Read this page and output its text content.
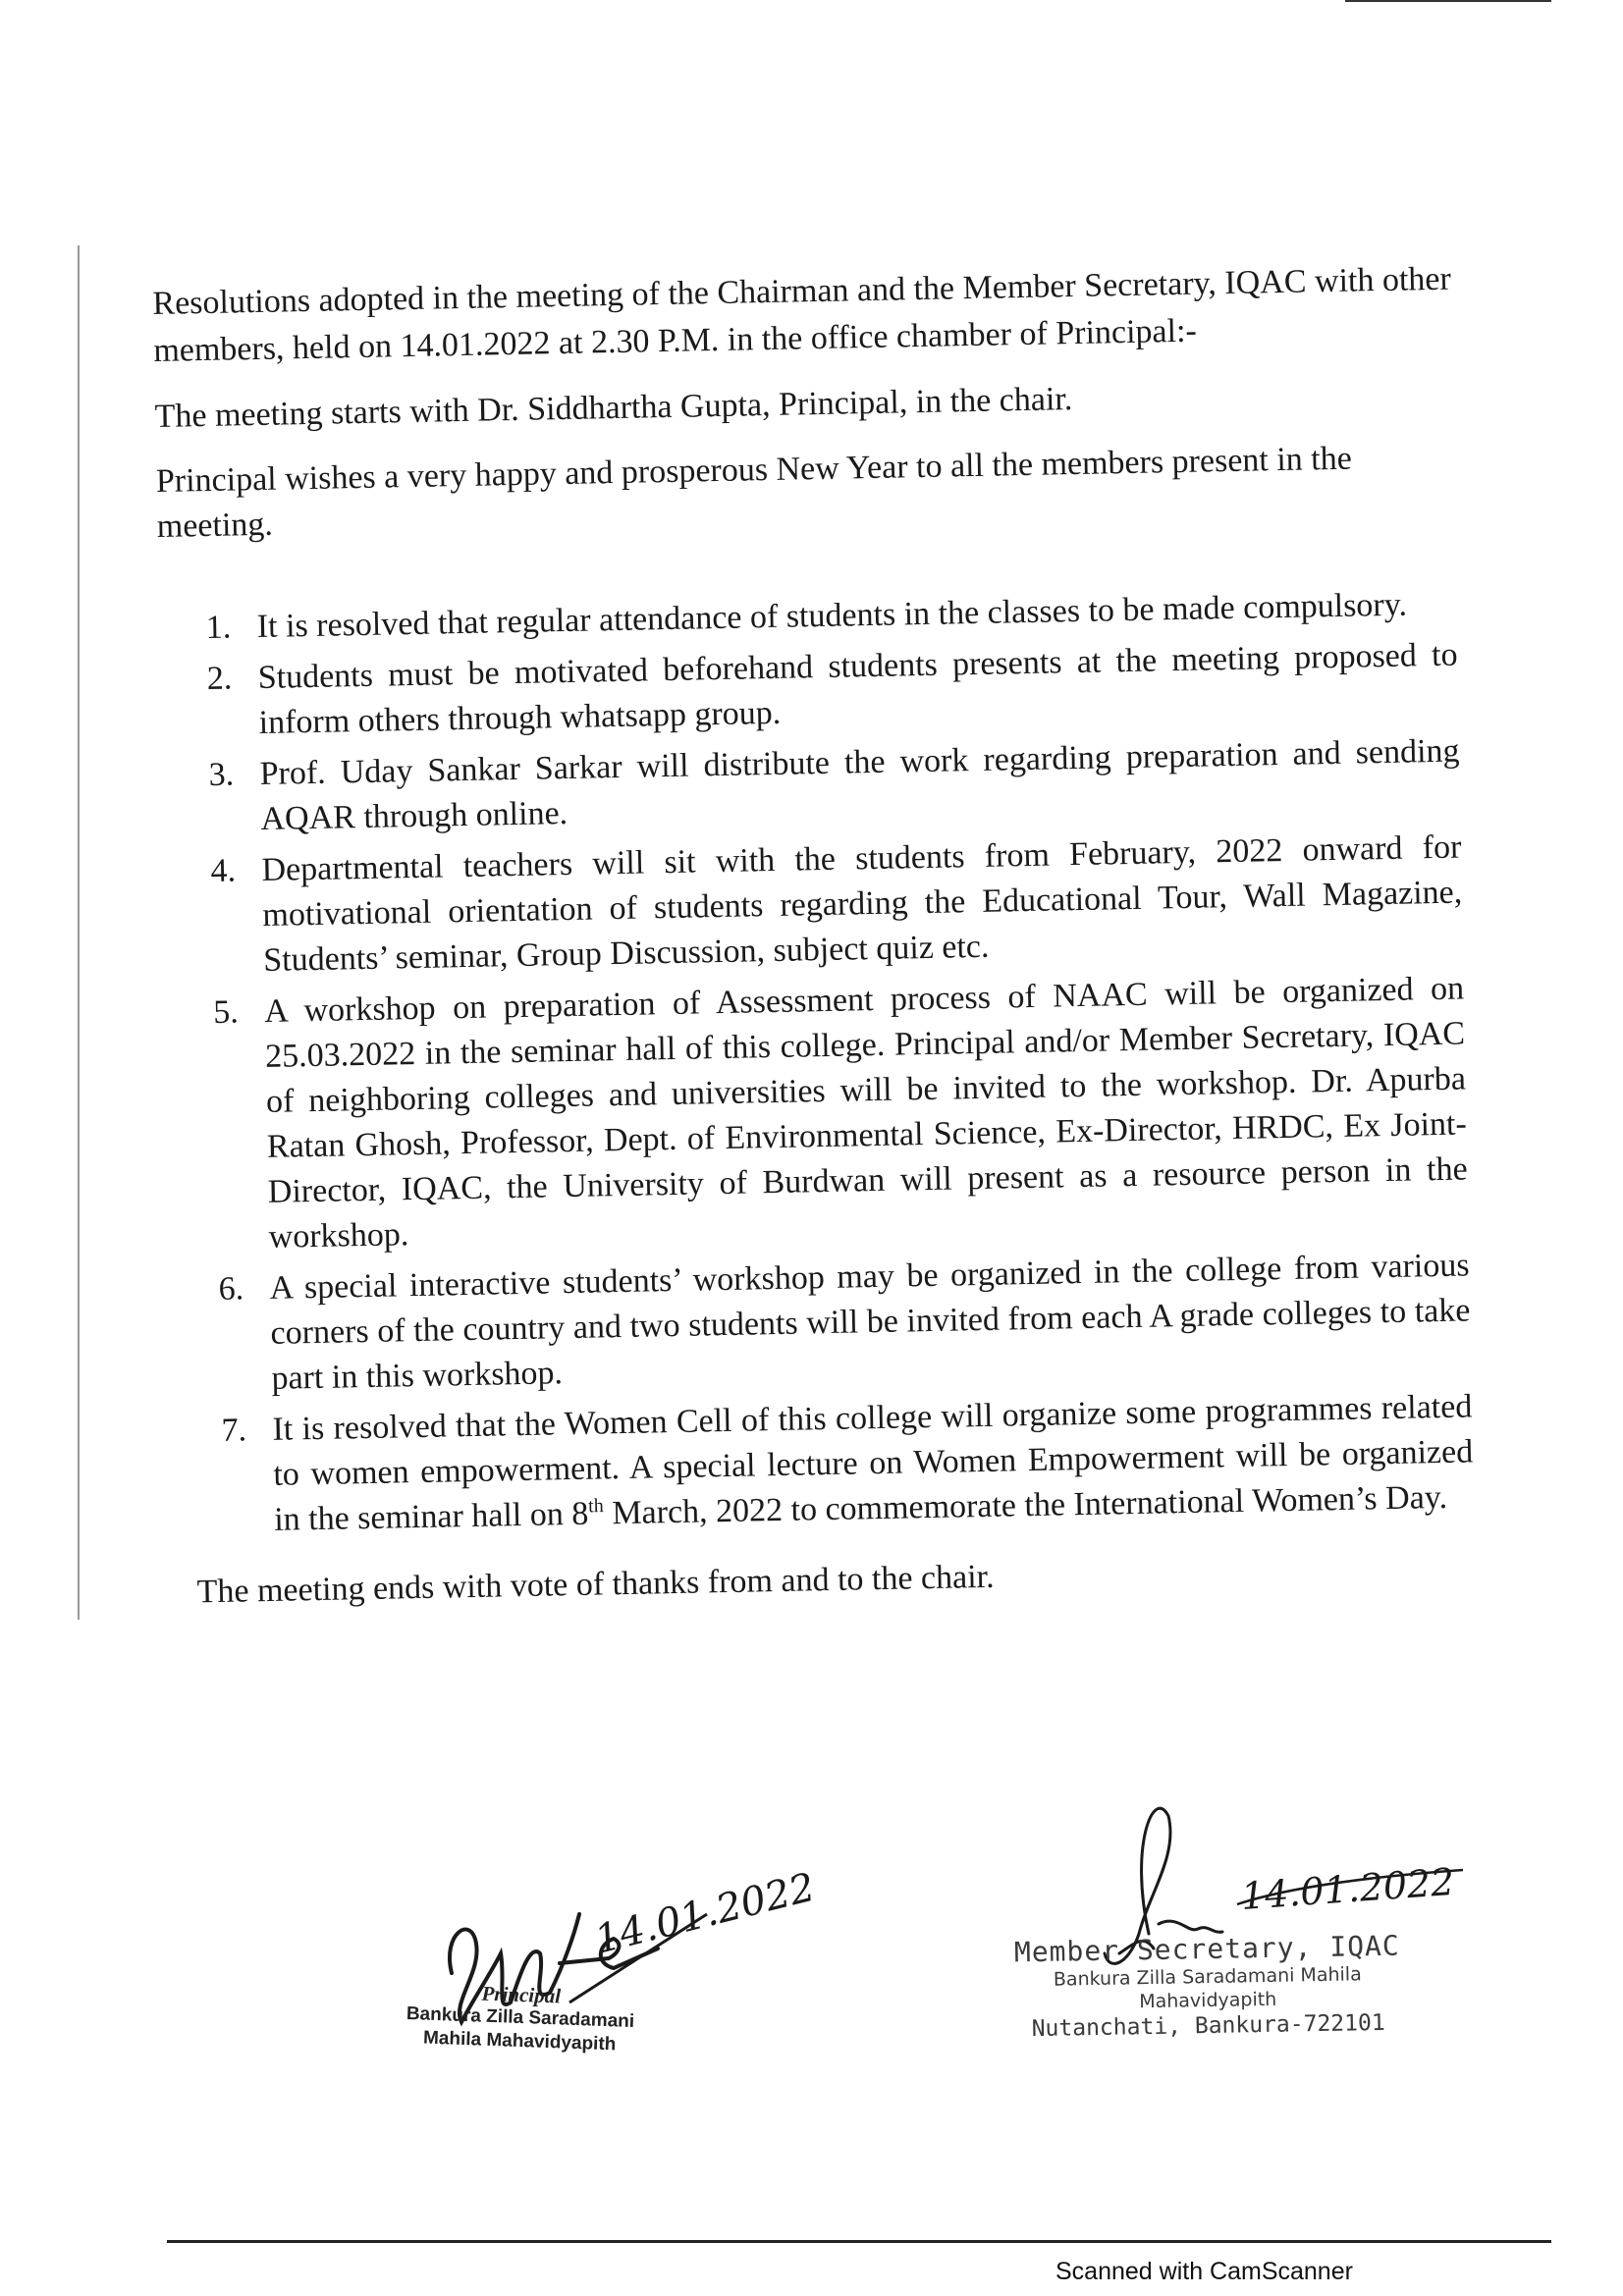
Resolutions adopted in the meeting of the Chairman and the Member Secretary, IQAC with other members, held on 14.01.2022 at 2.30 P.M. in the office chamber of Principal:-

The meeting starts with Dr. Siddhartha Gupta, Principal, in the chair.

Principal wishes a very happy and prosperous New Year to all the members present in the meeting.

1. It is resolved that regular attendance of students in the classes to be made compulsory.
2. Students must be motivated beforehand students presents at the meeting proposed to inform others through whatsapp group.
3. Prof. Uday Sankar Sarkar will distribute the work regarding preparation and sending AQAR through online.
4. Departmental teachers will sit with the students from February, 2022 onward for motivational orientation of students regarding the Educational Tour, Wall Magazine, Students’ seminar, Group Discussion, subject quiz etc.
5. A workshop on preparation of Assessment process of NAAC will be organized on 25.03.2022 in the seminar hall of this college. Principal and/or Member Secretary, IQAC of neighboring colleges and universities will be invited to the workshop. Dr. Apurba Ratan Ghosh, Professor, Dept. of Environmental Science, Ex-Director, HRDC, Ex Joint-Director, IQAC, the University of Burdwan will present as a resource person in the workshop.
6. A special interactive students’ workshop may be organized in the college from various corners of the country and two students will be invited from each A grade colleges to take part in this workshop.
7. It is resolved that the Women Cell of this college will organize some programmes related to women empowerment. A special lecture on Women Empowerment will be organized in the seminar hall on 8th March, 2022 to commemorate the International Women’s Day.

The meeting ends with vote of thanks from and to the chair.

14.01.2022
Principal
Bankura Zilla Saradamani
Mahila Mahavidyapith
14.01.2022
Member Secretary, IQAC
Bankura Zilla Saradamani Mahila Mahavidyapith
Nutanchati, Bankura-722101
Scanned with CamScanner
